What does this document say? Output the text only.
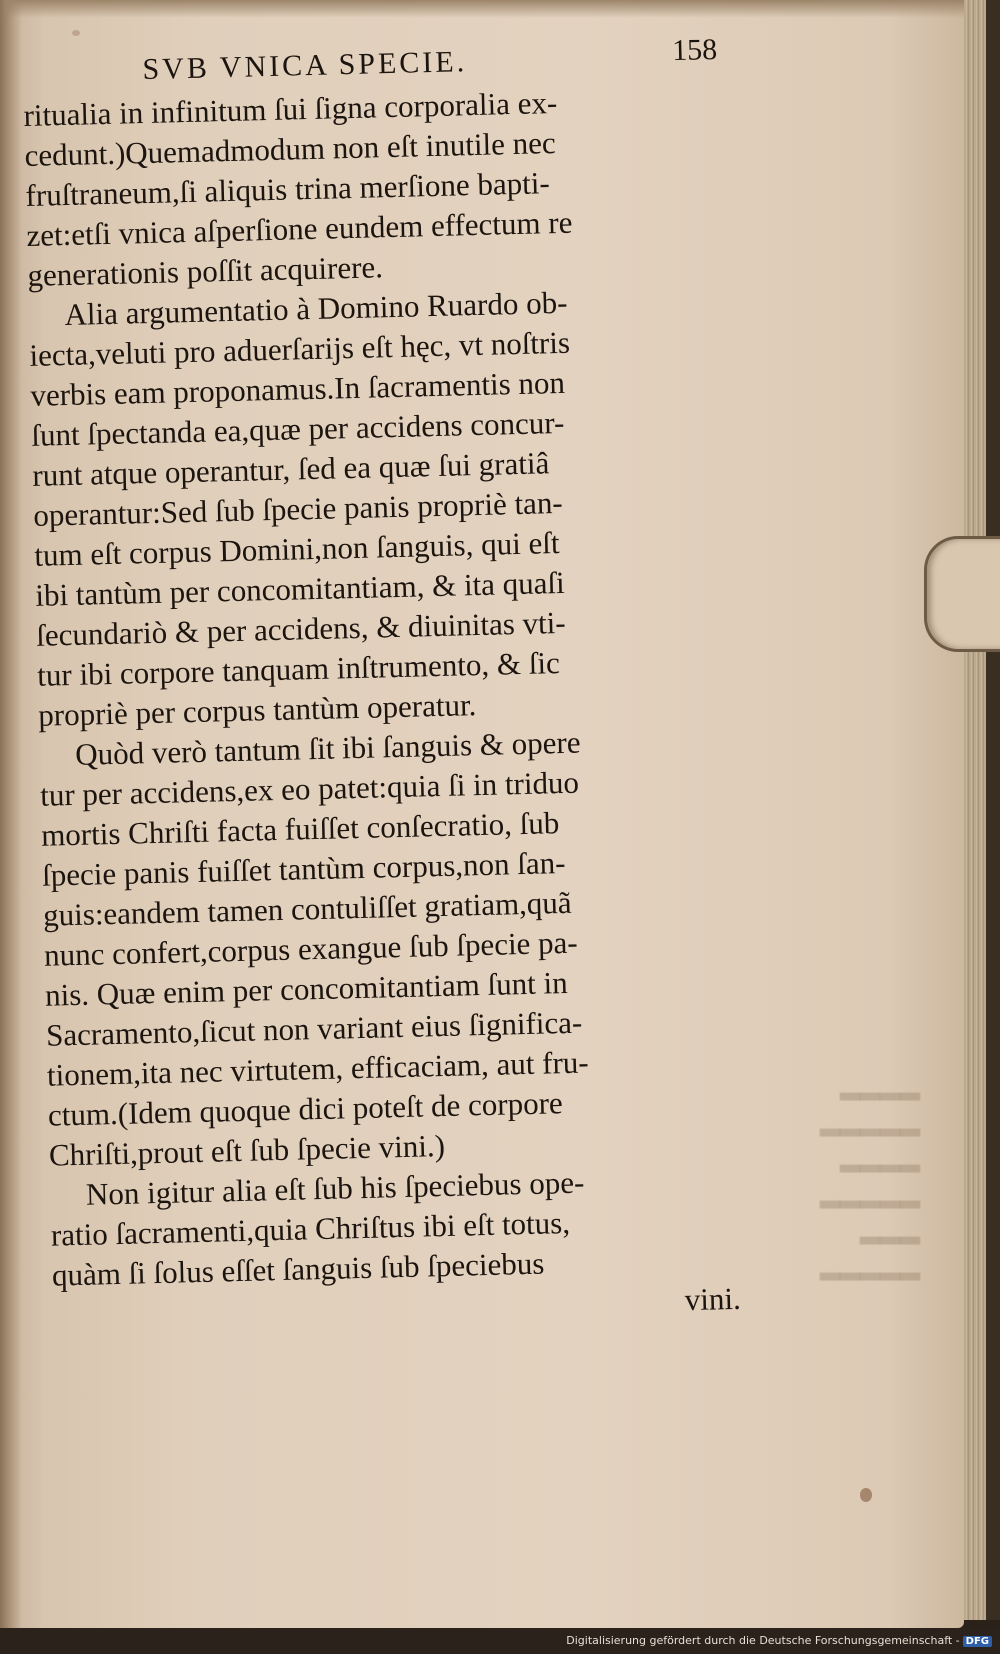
▂▂▂▂
▂▂▂▂▂
▂▂▂▂
▂▂▂▂▂
▂▂▂
▂▂▂▂▂
SVB VNICA SPECIE.	158
ritualia in infinitum ſui ſigna corporalia ex-
cedunt.)Quemadmodum non eſt inutile nec
fruſtraneum,ſi aliquis trina merſione bapti-
zet:etſi vnica aſperſione eundem effectum re
generationis poſſit acquirere.
Alia argumentatio à Domino Ruardo ob-
iecta,veluti pro aduerſarijs eſt hęc, vt noſtris
verbis eam proponamus.In ſacramentis non
ſunt ſpectanda ea,quæ per accidens concur-
runt atque operantur, ſed ea quæ ſui gratiâ
operantur:Sed ſub ſpecie panis propriè tan-
tum eſt corpus Domini,non ſanguis, qui eſt
ibi tantùm per concomitantiam, & ita quaſi
ſecundariò & per accidens, & diuinitas vti-
tur ibi corpore tanquam inſtrumento, & ſic
propriè per corpus tantùm operatur.
Quòd verò tantum ſit ibi ſanguis & opere
tur per accidens,ex eo patet:quia ſi in triduo
mortis Chriſti facta fuiſſet conſecratio, ſub
ſpecie panis fuiſſet tantùm corpus,non ſan-
guis:eandem tamen contuliſſet gratiam,quã
nunc confert,corpus exangue ſub ſpecie pa-
nis. Quæ enim per concomitantiam ſunt in
Sacramento,ſicut non variant eius ſignifica-
tionem,ita nec virtutem, efficaciam, aut fru-
ctum.(Idem quoque dici poteſt de corpore
Chriſti,prout eſt ſub ſpecie vini.)
Non igitur alia eſt ſub his ſpeciebus ope-
ratio ſacramenti,quia Chriſtus ibi eſt totus,
quàm ſi ſolus eſſet ſanguis ſub ſpeciebus
vini.
Digitalisierung gefördert durch die Deutsche Forschungsgemeinschaft - DFG
